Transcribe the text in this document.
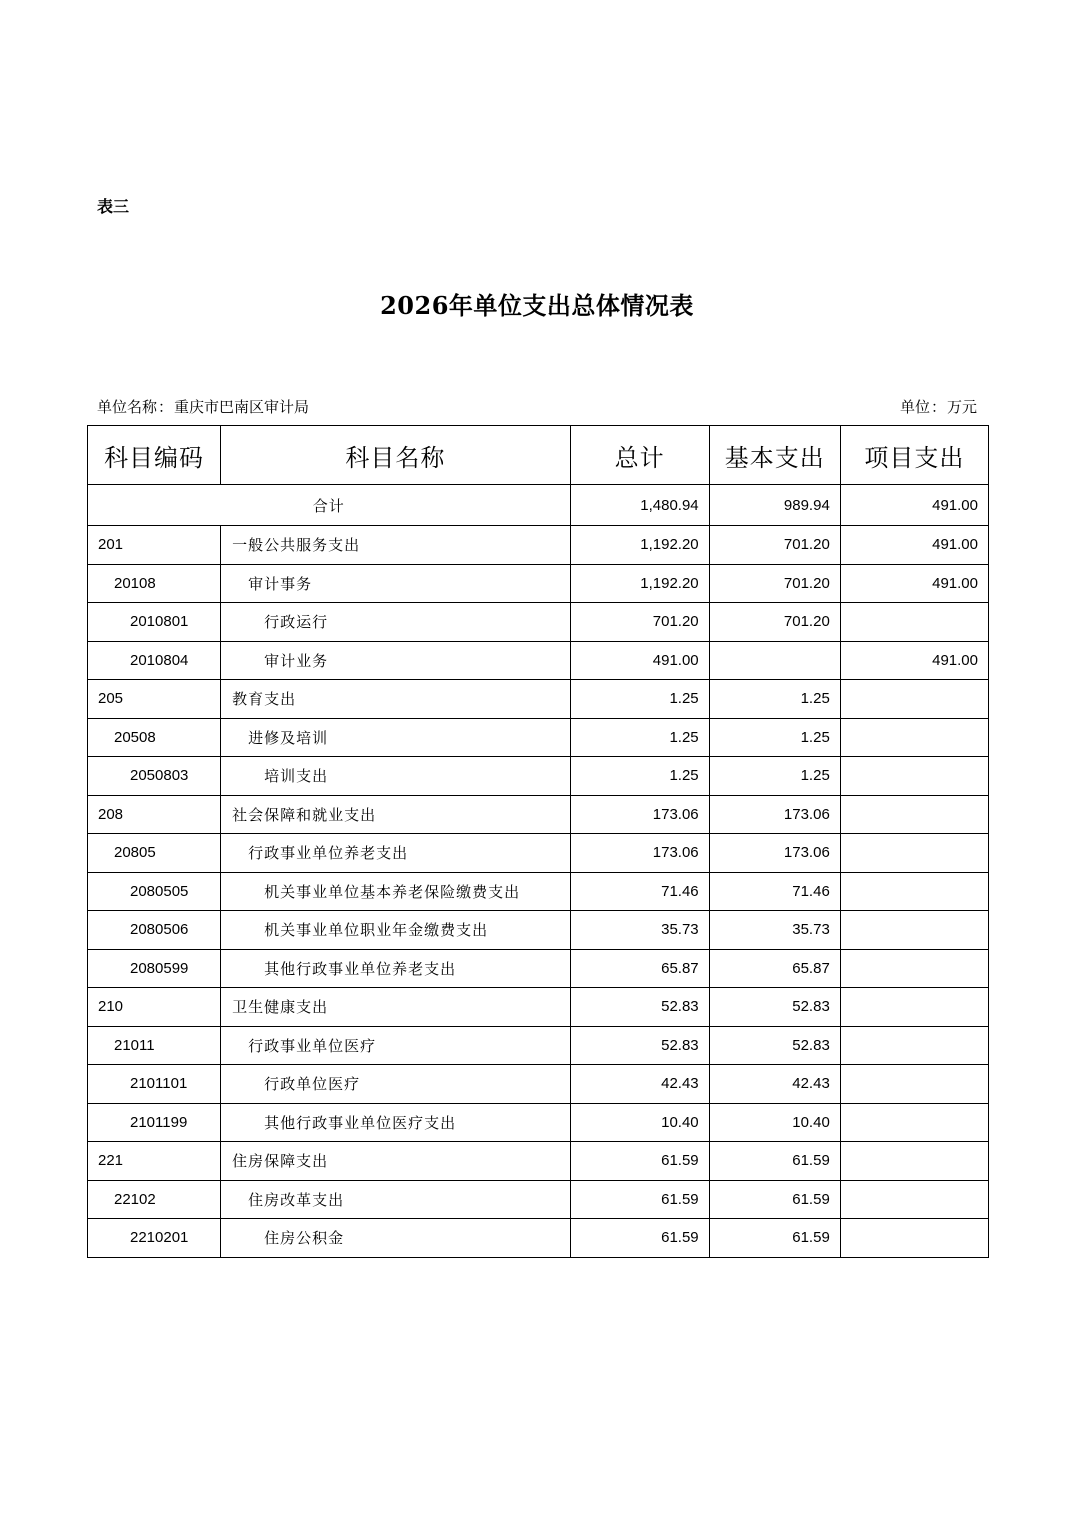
表三
2026年单位支出总体情况表
单位名称：重庆市巴南区审计局	单位：万元
科目编码	科目名称	总计	基本支出	项目支出
合计		1,480.94	989.94	491.00
201	一般公共服务支出	1,192.20	701.20	491.00
20108	审计事务	1,192.20	701.20	491.00
2010801	行政运行	701.20	701.20	
2010804	审计业务	491.00		491.00
205	教育支出	1.25	1.25	
20508	进修及培训	1.25	1.25	
2050803	培训支出	1.25	1.25	
208	社会保障和就业支出	173.06	173.06	
20805	行政事业单位养老支出	173.06	173.06	
2080505	机关事业单位基本养老保险缴费支出	71.46	71.46	
2080506	机关事业单位职业年金缴费支出	35.73	35.73	
2080599	其他行政事业单位养老支出	65.87	65.87	
210	卫生健康支出	52.83	52.83	
21011	行政事业单位医疗	52.83	52.83	
2101101	行政单位医疗	42.43	42.43	
2101199	其他行政事业单位医疗支出	10.40	10.40	
221	住房保障支出	61.59	61.59	
22102	住房改革支出	61.59	61.59	
2210201	住房公积金	61.59	61.59	
